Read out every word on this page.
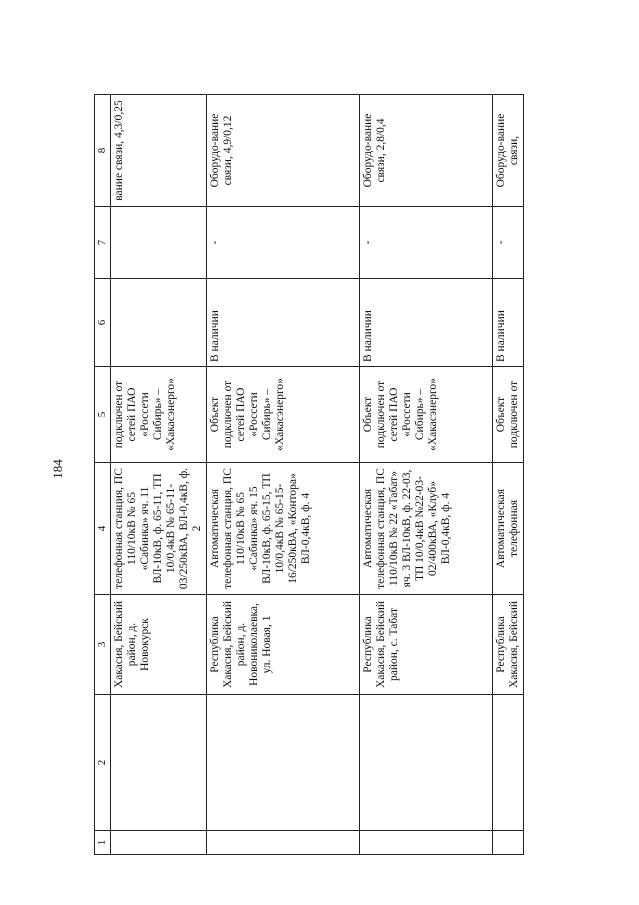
184
1	2	3	4	5	6	7	8
		Хакасия, Бейский район, д. Новокурск	телефонная станция, ПС 110/10кВ № 65 «Сабинка» яч. 11 ВЛ-10кВ, ф. 65-11, ТП 10/0,4кВ № 65-11-03/250кВА, ВЛ-0,4кВ, ф. 2	подключен от сетей ПАО «Россети Сибирь» – «Хакасэнерго»			вание связи, 4,3/0,25
		Республика Хакасия, Бейский район, д. Новониколаевка, ул. Новая, 1	Автоматическая телефонная станция, ПС 110/10кВ № 65 «Сабинка» яч. 15 ВЛ-10кВ, ф. 65-15, ТП 10/0,4кВ № 65-15-16/250кВА, «Контора» ВЛ-0,4кВ, ф. 4	Объект подключен от сетей ПАО «Россети Сибирь» – «Хакасэнерго»	В наличии	-	Оборудо-вание связи, 4,9/0,12
		Республика Хакасия, Бейский район, с. Табат	Автоматическая телефонная станция, ПС 110/10кВ № 22 «Табат» яч. 3 ВЛ-10кВ, ф. 22-03, ТП 10/0,4кВ №22-03-02/400кВА, «Клуб» ВЛ-0,4кВ, ф. 4	Объект подключен от сетей ПАО «Россети Сибирь» – «Хакасэнерго»	В наличии	-	Оборудо-вание связи, 2,8/0,4
		Республика Хакасия, Бейский	Автоматическая телефонная	Объект подключен от	В наличии	-	Оборудо-вание связи,
